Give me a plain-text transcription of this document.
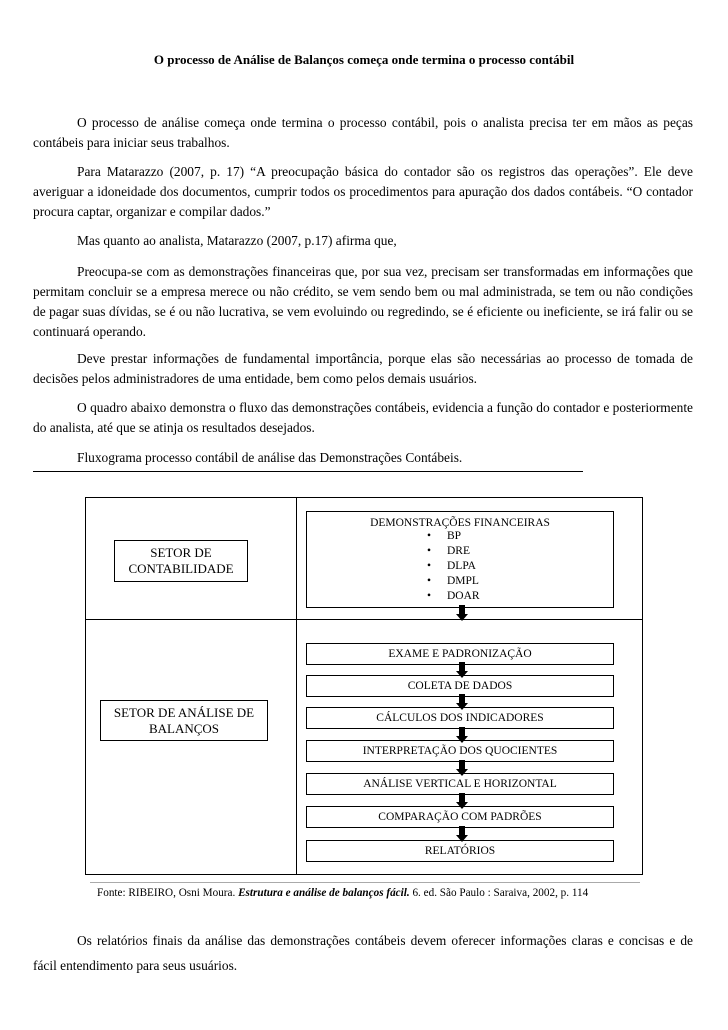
O processo de Análise de Balanços começa onde termina o processo contábil

O processo de análise começa onde termina o processo contábil, pois o analista precisa ter em mãos as peças contábeis para iniciar seus trabalhos.

Para Matarazzo (2007, p. 17) “A preocupação básica do contador são os registros das operações”. Ele deve averiguar a idoneidade dos documentos, cumprir todos os procedimentos para apuração dos dados contábeis. “O contador procura captar, organizar e compilar dados.”

Mas quanto ao analista, Matarazzo (2007, p.17) afirma que,

Preocupa-se com as demonstrações financeiras que, por sua vez, precisam ser transformadas em informações que permitam concluir se a empresa merece ou não crédito, se vem sendo bem ou mal administrada, se tem ou não condições de pagar suas dívidas, se é ou não lucrativa, se vem evoluindo ou regredindo, se é eficiente ou ineficiente, se irá falir ou se continuará operando.

Deve prestar informações de fundamental importância, porque elas são necessárias ao processo de tomada de decisões pelos administradores de uma entidade, bem como pelos demais usuários.

O quadro abaixo demonstra o fluxo das demonstrações contábeis, evidencia a função do contador e posteriormente do analista, até que se atinja os resultados desejados.

Fluxograma processo contábil de análise das Demonstrações Contábeis.

SETOR DE
CONTABILIDADE
DEMONSTRAÇÕES FINANCEIRAS
• BP
• DRE
• DLPA
• DMPL
• DOAR
SETOR DE ANÁLISE DE
BALANÇOS
EXAME E PADRONIZAÇÃO
COLETA DE DADOS
CÁLCULOS DOS INDICADORES
INTERPRETAÇÃO DOS QUOCIENTES
ANÁLISE VERTICAL E HORIZONTAL
COMPARAÇÃO COM PADRÕES
RELATÓRIOS
Fonte: RIBEIRO, Osni Moura. Estrutura e análise de balanços fácil. 6. ed. São Paulo : Saraiva, 2002, p. 114

Os relatórios finais da análise das demonstrações contábeis devem oferecer informações claras e concisas e de fácil entendimento para seus usuários.
